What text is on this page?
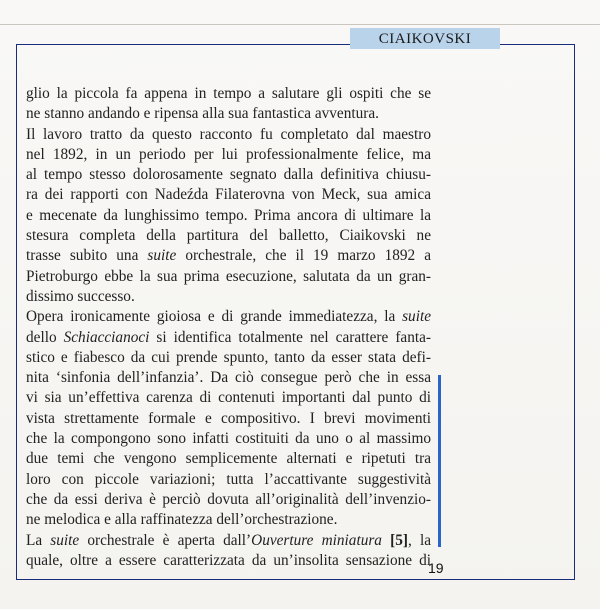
CIAIKOVSKI
glio la piccola fa appena in tempo a salutare gli ospiti che se
ne stanno andando e ripensa alla sua fantastica avventura.
Il lavoro tratto da questo racconto fu completato dal maestro
nel 1892, in un periodo per lui professionalmente felice, ma
al tempo stesso dolorosamente segnato dalla definitiva chiusu-
ra dei rapporti con Nadeźda Filaterovna von Meck, sua amica
e mecenate da lunghissimo tempo. Prima ancora di ultimare la
stesura completa della partitura del balletto, Ciaikovski ne
trasse subito una suite orchestrale, che il 19 marzo 1892 a
Pietroburgo ebbe la sua prima esecuzione, salutata da un gran-
dissimo successo.
Opera ironicamente gioiosa e di grande immediatezza, la suite
dello Schiaccianoci si identifica totalmente nel carattere fanta-
stico e fiabesco da cui prende spunto, tanto da esser stata defi-
nita ‘sinfonia dell’infanzia’. Da ciò consegue però che in essa
vi sia un’effettiva carenza di contenuti importanti dal punto di
vista strettamente formale e compositivo. I brevi movimenti
che la compongono sono infatti costituiti da uno o al massimo
due temi che vengono semplicemente alternati e ripetuti tra
loro con piccole variazioni; tutta l’accattivante suggestività
che da essi deriva è perciò dovuta all’originalità dell’invenzio-
ne melodica e alla raffinatezza dell’orchestrazione.
La suite orchestrale è aperta dall’Ouverture miniatura [5], la
quale, oltre a essere caratterizzata da un’insolita sensazione di
19
